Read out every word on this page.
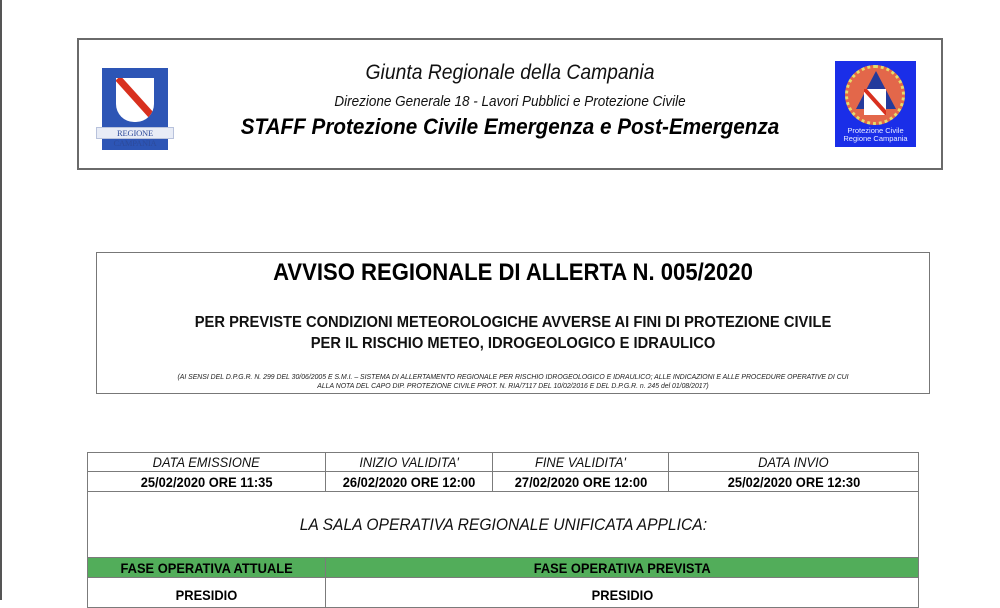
REGIONE CAMPANIA
Giunta Regionale della Campania
Direzione Generale 18 - Lavori Pubblici e Protezione Civile
STAFF Protezione Civile Emergenza e Post-Emergenza	Protezione Civile
Regione Campania
AVVISO REGIONALE DI ALLERTA N. 005/2020
PER PREVISTE CONDIZIONI METEOROLOGICHE AVVERSE AI FINI DI PROTEZIONE CIVILE
PER IL RISCHIO METEO, IDROGEOLOGICO E IDRAULICO
(AI SENSI DEL D.P.G.R. N. 299 DEL 30/06/2005 E S.M.I. – SISTEMA DI ALLERTAMENTO REGIONALE PER RISCHIO IDROGEOLOGICO E IDRAULICO; ALLE INDICAZIONI E ALLE PROCEDURE OPERATIVE DI CUI
ALLA NOTA DEL CAPO DIP. PROTEZIONE CIVILE PROT. N. RIA/7117 DEL 10/02/2016 E DEL D.P.G.R. n. 245 del 01/08/2017)
DATA EMISSIONE	INIZIO VALIDITA'	FINE VALIDITA'	DATA INVIO
25/02/2020 ORE 11:35	26/02/2020 ORE 12:00	27/02/2020 ORE 12:00	25/02/2020 ORE 12:30
LA SALA OPERATIVA REGIONALE UNIFICATA APPLICA:			
FASE OPERATIVA ATTUALE	FASE OPERATIVA PREVISTA		
PRESIDIO	PRESIDIO		
